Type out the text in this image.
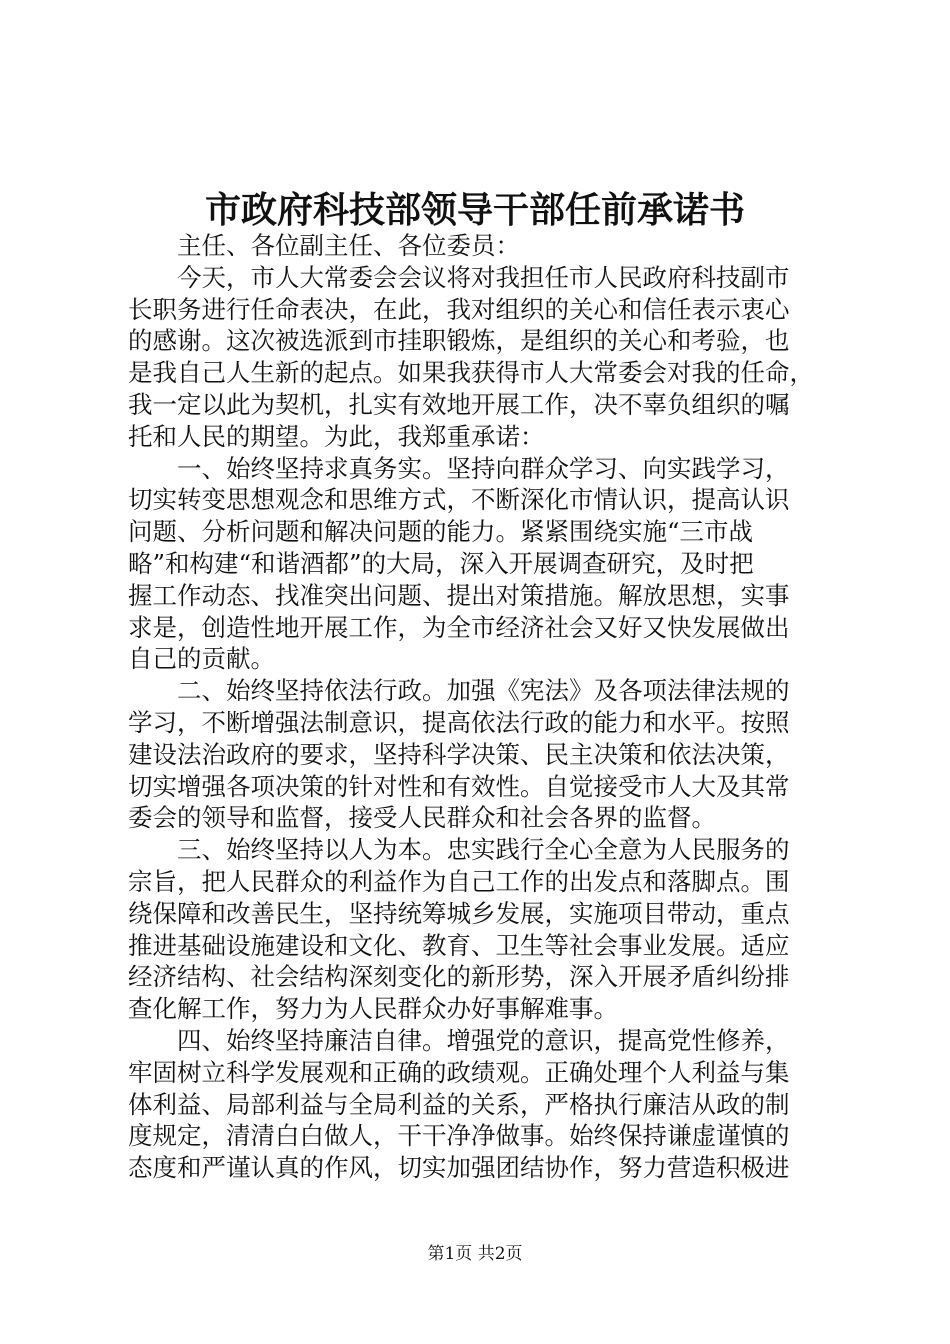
市政府科技部领导干部任前承诺书
主任、各位副主任、各位委员：
今天，市人大常委会会议将对我担任市人民政府科技副市
长职务进行任命表决，在此，我对组织的关心和信任表示衷心
的感谢。这次被选派到市挂职锻炼，是组织的关心和考验，也
是我自己人生新的起点。如果我获得市人大常委会对我的任命，
我一定以此为契机，扎实有效地开展工作，决不辜负组织的嘱
托和人民的期望。为此，我郑重承诺：
一、始终坚持求真务实。坚持向群众学习、向实践学习，
切实转变思想观念和思维方式，不断深化市情认识，提高认识
问题、分析问题和解决问题的能力。紧紧围绕实施“三市战
略”和构建“和谐酒都”的大局，深入开展调查研究，及时把
握工作动态、找准突出问题、提出对策措施。解放思想，实事
求是，创造性地开展工作，为全市经济社会又好又快发展做出
自己的贡献。
二、始终坚持依法行政。加强《宪法》及各项法律法规的
学习，不断增强法制意识，提高依法行政的能力和水平。按照
建设法治政府的要求，坚持科学决策、民主决策和依法决策，
切实增强各项决策的针对性和有效性。自觉接受市人大及其常
委会的领导和监督，接受人民群众和社会各界的监督。
三、始终坚持以人为本。忠实践行全心全意为人民服务的
宗旨，把人民群众的利益作为自己工作的出发点和落脚点。围
绕保障和改善民生，坚持统筹城乡发展，实施项目带动，重点
推进基础设施建设和文化、教育、卫生等社会事业发展。适应
经济结构、社会结构深刻变化的新形势，深入开展矛盾纠纷排
查化解工作，努力为人民群众办好事解难事。
四、始终坚持廉洁自律。增强党的意识，提高党性修养，
牢固树立科学发展观和正确的政绩观。正确处理个人利益与集
体利益、局部利益与全局利益的关系，严格执行廉洁从政的制
度规定，清清白白做人，干干净净做事。始终保持谦虚谨慎的
态度和严谨认真的作风，切实加强团结协作，努力营造积极进
第1页 共2页
